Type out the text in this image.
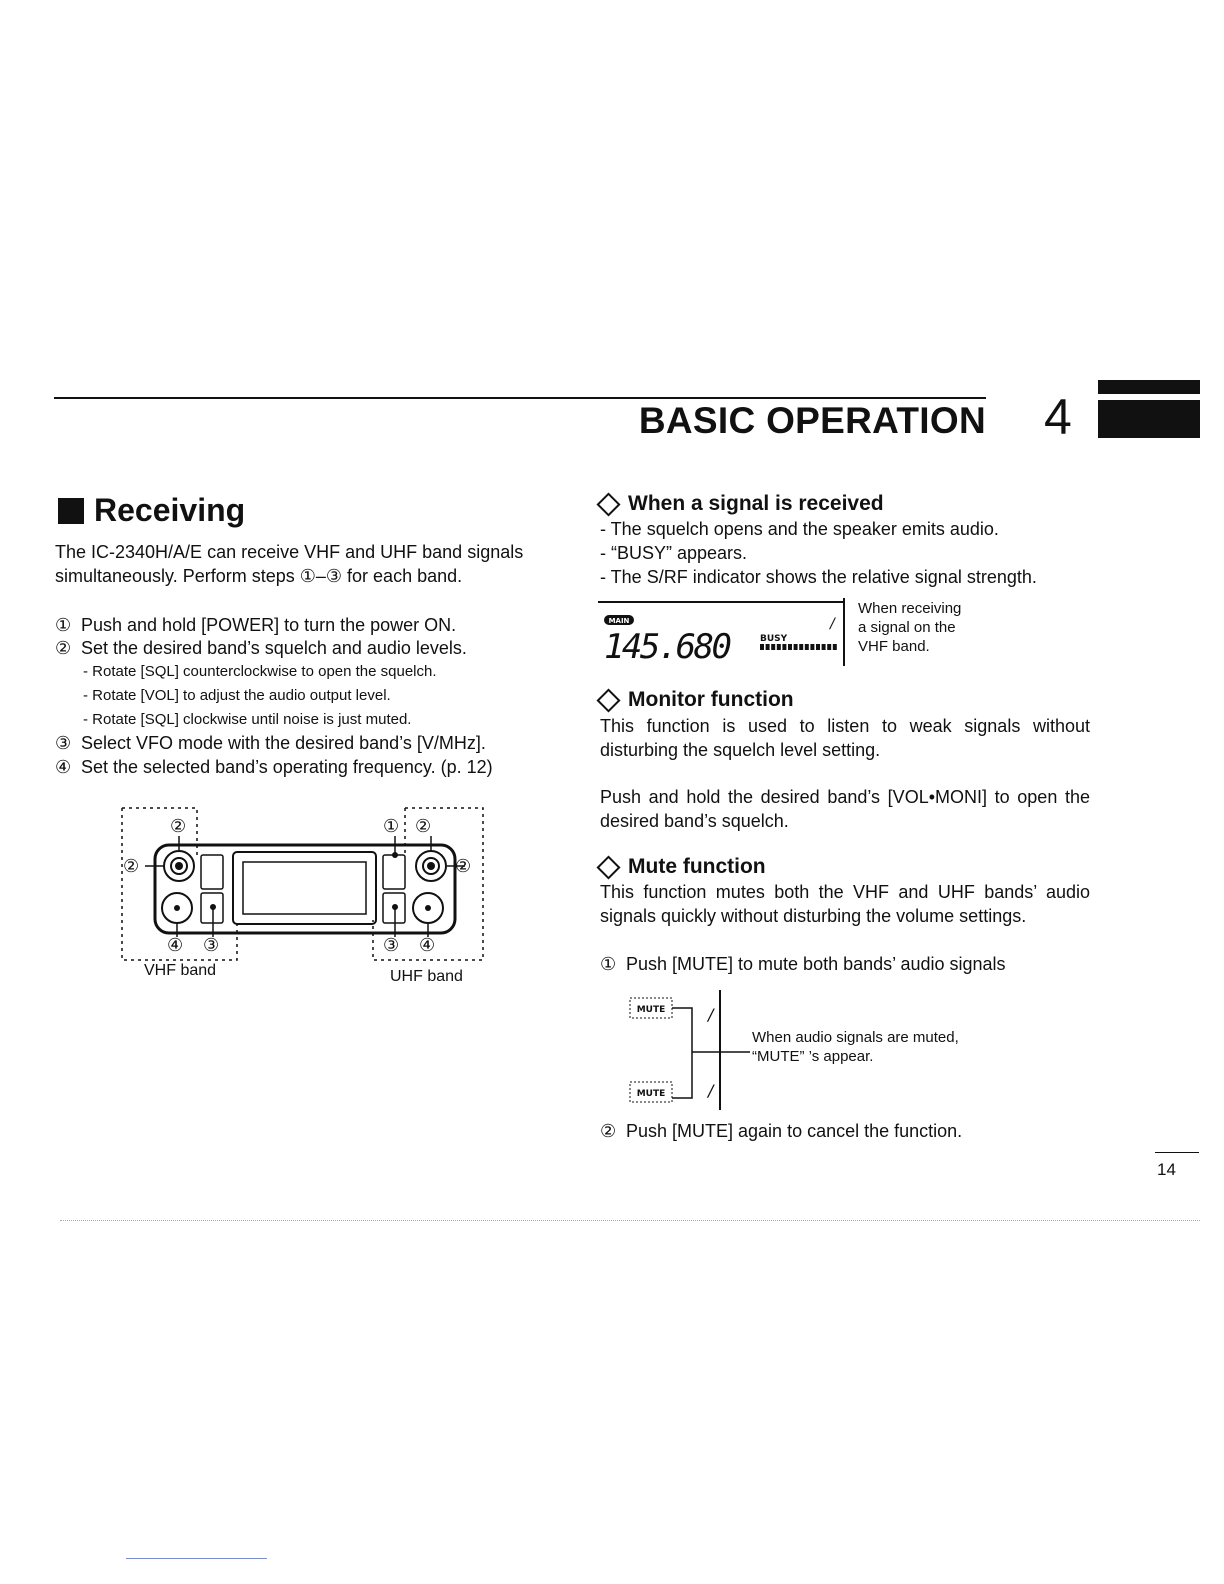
BASIC OPERATION 4
Receiving
The IC-2340H/A/E can receive VHF and UHF band signals
simultaneously. Perform steps ①–③ for each band.
① Push and hold [POWER] to turn the power ON.
② Set the desired band’s squelch and audio levels.
- Rotate [SQL] counterclockwise to open the squelch.
- Rotate [VOL] to adjust the audio output level.
- Rotate [SQL] clockwise until noise is just muted.
③ Select VFO mode with the desired band’s [V/MHz].
④ Set the selected band’s operating frequency. (p. 12)
②
②
④ ③
① ②
②
③ ④
VHF band	UHF band
When a signal is received
- The squelch opens and the speaker emits audio.
- “BUSY” appears.
- The S/RF indicator shows the relative signal strength.
MAIN
145.680	BUSY
/
When receiving
a signal on the
VHF band.
Monitor function
This function is used to listen to weak signals without
disturbing the squelch level setting.
Push and hold the desired band’s [VOL•MONI] to open the
desired band’s squelch.
Mute function
This function mutes both the VHF and UHF bands’ audio
signals quickly without disturbing the volume settings.
① Push [MUTE] to mute both bands’ audio signals
MUTE
MUTE
/
/
When audio signals are muted,
“MUTE” ’s appear.
② Push [MUTE] again to cancel the function.
14
